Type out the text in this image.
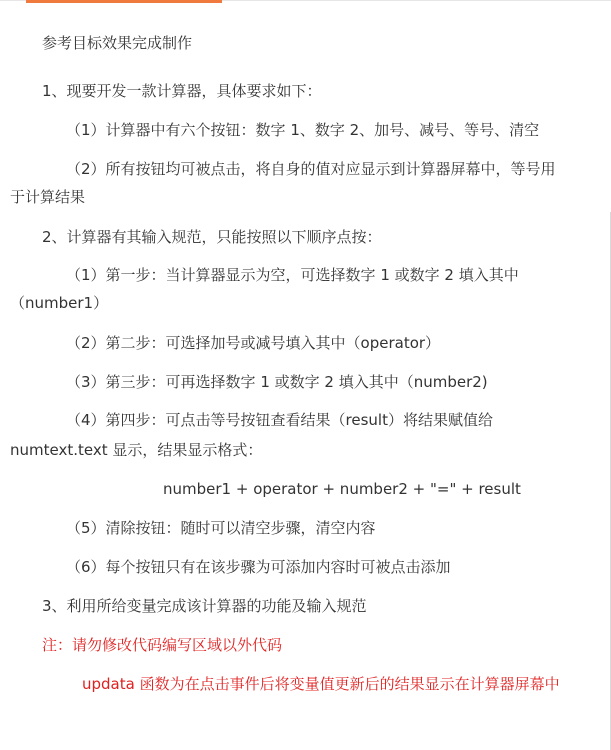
参考目标效果完成制作
1、现要开发一款计算器，具体要求如下：
（1）计算器中有六个按钮：数字 1、数字 2、加号、减号、等号、清空
（2）所有按钮均可被点击，将自身的值对应显示到计算器屏幕中，等号用
于计算结果
2、计算器有其输入规范，只能按照以下顺序点按：
（1）第一步：当计算器显示为空，可选择数字 1 或数字 2 填入其中
（number1）
（2）第二步：可选择加号或减号填入其中（operator）
（3）第三步：可再选择数字 1 或数字 2 填入其中（number2)
（4）第四步：可点击等号按钮查看结果（result）将结果赋值给
numtext.text 显示，结果显示格式：
number1 + operator + number2 + "=" + result
（5）清除按钮：随时可以清空步骤，清空内容
（6）每个按钮只有在该步骤为可添加内容时可被点击添加
3、利用所给变量完成该计算器的功能及输入规范
注：请勿修改代码编写区域以外代码
updata 函数为在点击事件后将变量值更新后的结果显示在计算器屏幕中
